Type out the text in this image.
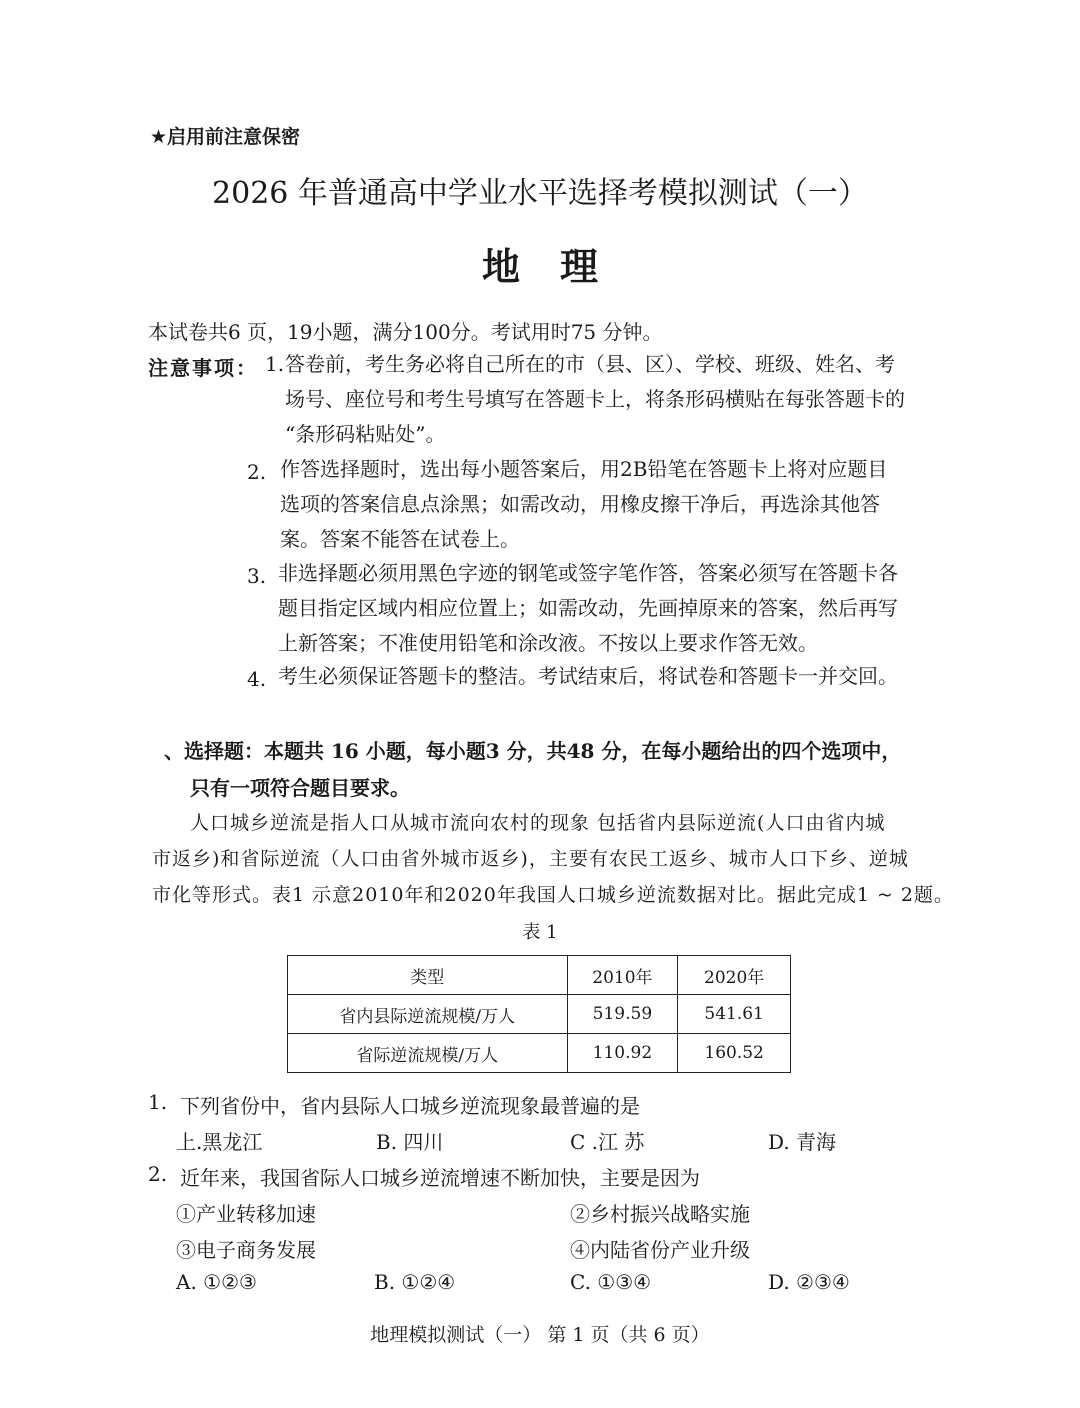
★启用前注意保密
2026 年普通高中学业水平选择考模拟测试（一）
地理
本试卷共6 页，19小题，满分100分。考试用时75 分钟。
注意事项： 1. 答卷前，考生务必将自己所在的市（县、区）、学校、班级、姓名、考
场号、座位号和考生号填写在答题卡上，将条形码横贴在每张答题卡的
“条形码粘贴处”。
2. 作答选择题时，选出每小题答案后，用2B铅笔在答题卡上将对应题目
选项的答案信息点涂黑；如需改动，用橡皮擦干净后，再选涂其他答
案。答案不能答在试卷上。
3. 非选择题必须用黑色字迹的钢笔或签字笔作答，答案必须写在答题卡各
题目指定区域内相应位置上；如需改动，先画掉原来的答案，然后再写
上新答案；不准使用铅笔和涂改液。不按以上要求作答无效。
4. 考生必须保证答题卡的整洁。考试结束后，将试卷和答题卡一并交回。
、选择题：本题共 16 小题，每小题3 分，共48 分，在每小题给出的四个选项中，
只有一项符合题目要求。
人口城乡逆流是指人口从城市流向农村的现象 包括省内县际逆流(人口由省内城
市返乡)和省际逆流（人口由省外城市返乡)，主要有农民工返乡、城市人口下乡、逆城
市化等形式。表1 示意2010年和2020年我国人口城乡逆流数据对比。据此完成1 ~ 2题。
表 1
类型	2010年	2020年
省内县际逆流规模/万人	519.59	541.61
省际逆流规模/万人	110.92	160.52
1. 下列省份中，省内县际人口城乡逆流现象最普遍的是
上.黑龙江	B. 四川	C .江 苏	D. 青海
2. 近年来，我国省际人口城乡逆流增速不断加快，主要是因为
①产业转移加速	②乡村振兴战略实施
③电子商务发展	④内陆省份产业升级
A. ①②③	B. ①②④	C. ①③④	D. ②③④
地理模拟测试（一） 第 1 页（共 6 页）
